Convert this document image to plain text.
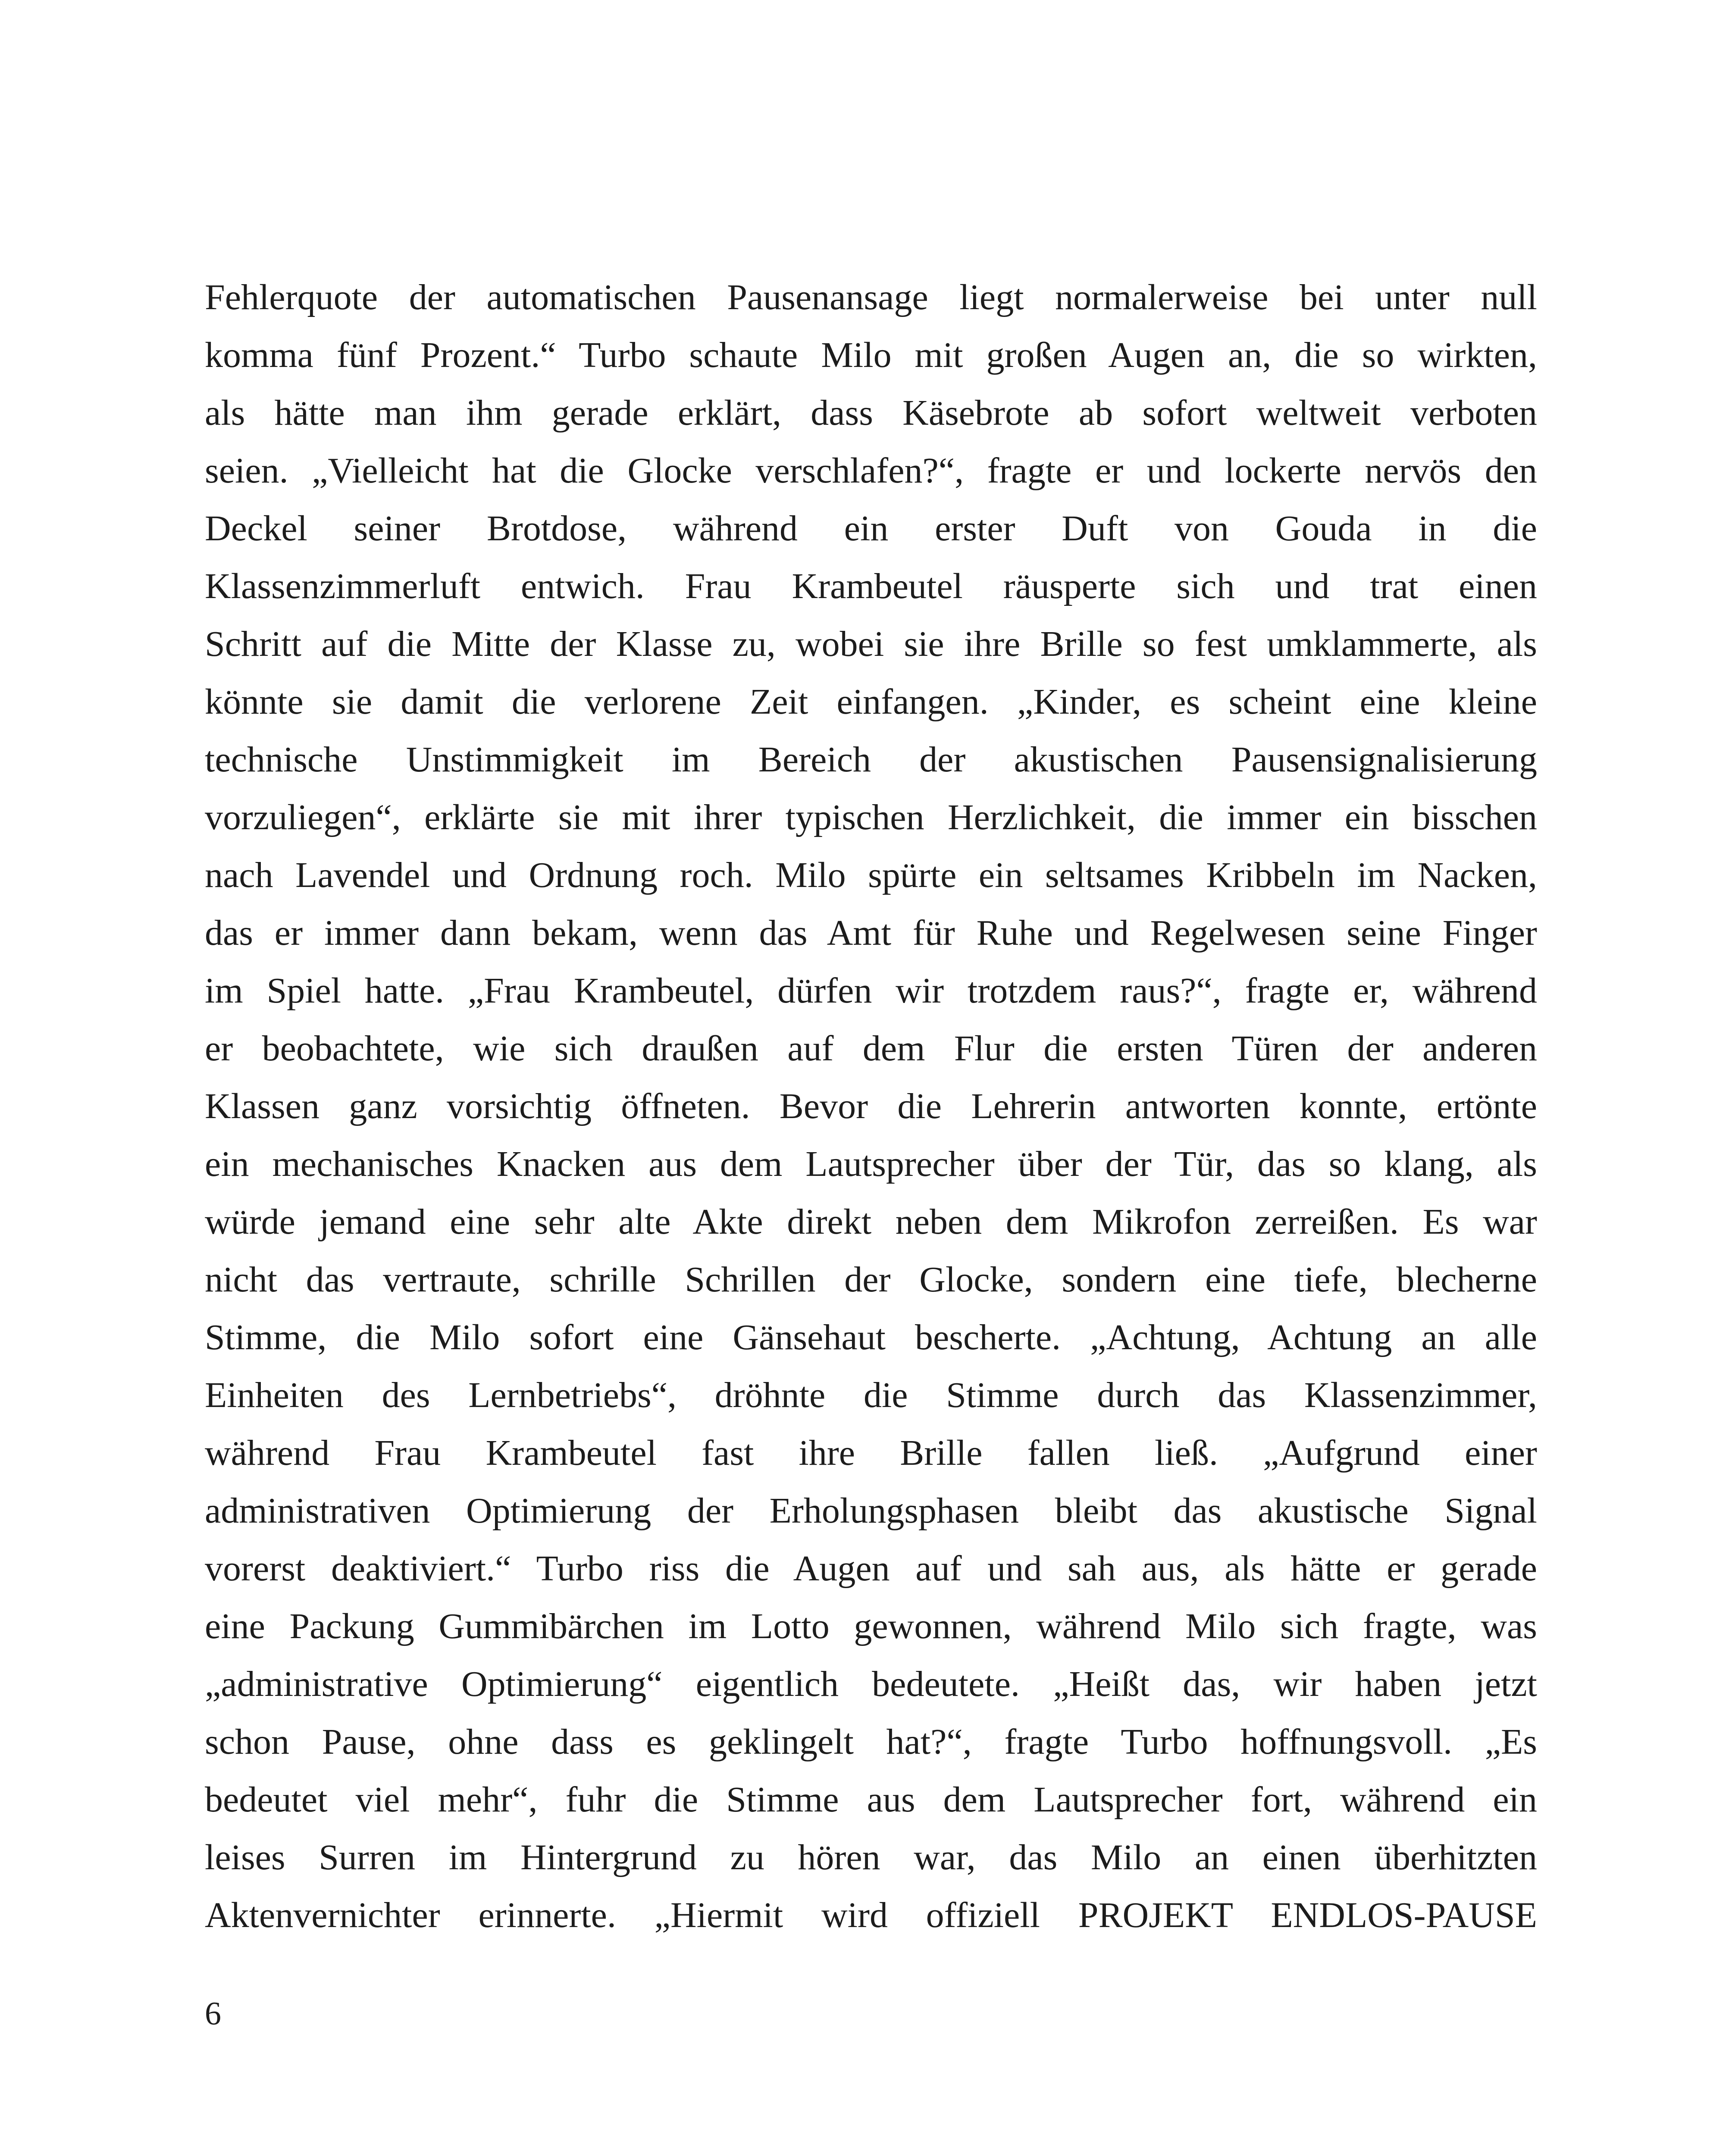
Fehlerquote der automatischen Pausenansage liegt normalerweise bei unter null
komma fünf Prozent.“ Turbo schaute Milo mit großen Augen an, die so wirkten,
als hätte man ihm gerade erklärt, dass Käsebrote ab sofort weltweit verboten
seien. „Vielleicht hat die Glocke verschlafen?“, fragte er und lockerte nervös den
Deckel seiner Brotdose, während ein erster Duft von Gouda in die
Klassenzimmerluft entwich. Frau Krambeutel räusperte sich und trat einen
Schritt auf die Mitte der Klasse zu, wobei sie ihre Brille so fest umklammerte, als
könnte sie damit die verlorene Zeit einfangen. „Kinder, es scheint eine kleine
technische Unstimmigkeit im Bereich der akustischen Pausensignalisierung
vorzuliegen“, erklärte sie mit ihrer typischen Herzlichkeit, die immer ein bisschen
nach Lavendel und Ordnung roch. Milo spürte ein seltsames Kribbeln im Nacken,
das er immer dann bekam, wenn das Amt für Ruhe und Regelwesen seine Finger
im Spiel hatte. „Frau Krambeutel, dürfen wir trotzdem raus?“, fragte er, während
er beobachtete, wie sich draußen auf dem Flur die ersten Türen der anderen
Klassen ganz vorsichtig öffneten. Bevor die Lehrerin antworten konnte, ertönte
ein mechanisches Knacken aus dem Lautsprecher über der Tür, das so klang, als
würde jemand eine sehr alte Akte direkt neben dem Mikrofon zerreißen. Es war
nicht das vertraute, schrille Schrillen der Glocke, sondern eine tiefe, blecherne
Stimme, die Milo sofort eine Gänsehaut bescherte. „Achtung, Achtung an alle
Einheiten des Lernbetriebs“, dröhnte die Stimme durch das Klassenzimmer,
während Frau Krambeutel fast ihre Brille fallen ließ. „Aufgrund einer
administrativen Optimierung der Erholungsphasen bleibt das akustische Signal
vorerst deaktiviert.“ Turbo riss die Augen auf und sah aus, als hätte er gerade
eine Packung Gummibärchen im Lotto gewonnen, während Milo sich fragte, was
„administrative Optimierung“ eigentlich bedeutete. „Heißt das, wir haben jetzt
schon Pause, ohne dass es geklingelt hat?“, fragte Turbo hoffnungsvoll. „Es
bedeutet viel mehr“, fuhr die Stimme aus dem Lautsprecher fort, während ein
leises Surren im Hintergrund zu hören war, das Milo an einen überhitzten
Aktenvernichter erinnerte. „Hiermit wird offiziell PROJEKT ENDLOS-PAUSE
6
